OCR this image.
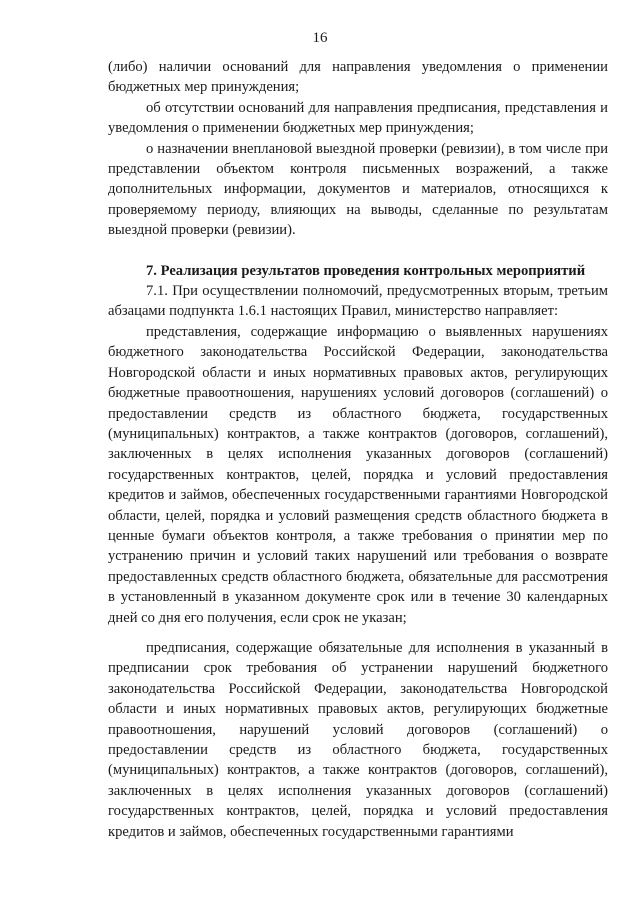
16

(либо) наличии оснований для направления уведомления о применении бюджетных мер принуждения;

об отсутствии оснований для направления предписания, представления и уведомления о применении бюджетных мер принуждения;

о назначении внеплановой выездной проверки (ревизии), в том числе при представлении объектом контроля письменных возражений, а также дополнительных информации, документов и материалов, относящихся к проверяемому периоду, влияющих на выводы, сделанные по результатам выездной проверки (ревизии).

7. Реализация результатов проведения контрольных мероприятий

7.1. При осуществлении полномочий, предусмотренных вторым, третьим абзацами подпункта 1.6.1 настоящих Правил, министерство направляет:

представления, содержащие информацию о выявленных нарушениях бюджетного законодательства Российской Федерации, законодательства Новгородской области и иных нормативных правовых актов, регулирующих бюджетные правоотношения, нарушениях условий договоров (соглашений) о предоставлении средств из областного бюджета, государственных (муниципальных) контрактов, а также контрактов (договоров, соглашений), заключенных в целях исполнения указанных договоров (соглашений) государственных контрактов, целей, порядка и условий предоставления кредитов и займов, обеспеченных государственными гарантиями Новгородской области, целей, порядка и условий размещения средств областного бюджета в ценные бумаги объектов контроля, а также требования о принятии мер по устранению причин и условий таких нарушений или требования о возврате предоставленных средств областного бюджета, обязательные для рассмотрения в установленный в указанном документе срок или в течение 30 календарных дней со дня его получения, если срок не указан;

предписания, содержащие обязательные для исполнения в указанный в предписании срок требования об устранении нарушений бюджетного законодательства Российской Федерации, законодательства Новгородской области и иных нормативных правовых актов, регулирующих бюджетные правоотношения, нарушений условий договоров (соглашений) о предоставлении средств из областного бюджета, государственных (муниципальных) контрактов, а также контрактов (договоров, соглашений), заключенных в целях исполнения указанных договоров (соглашений) государственных контрактов, целей, порядка и условий предоставления кредитов и займов, обеспеченных государственными гарантиями
